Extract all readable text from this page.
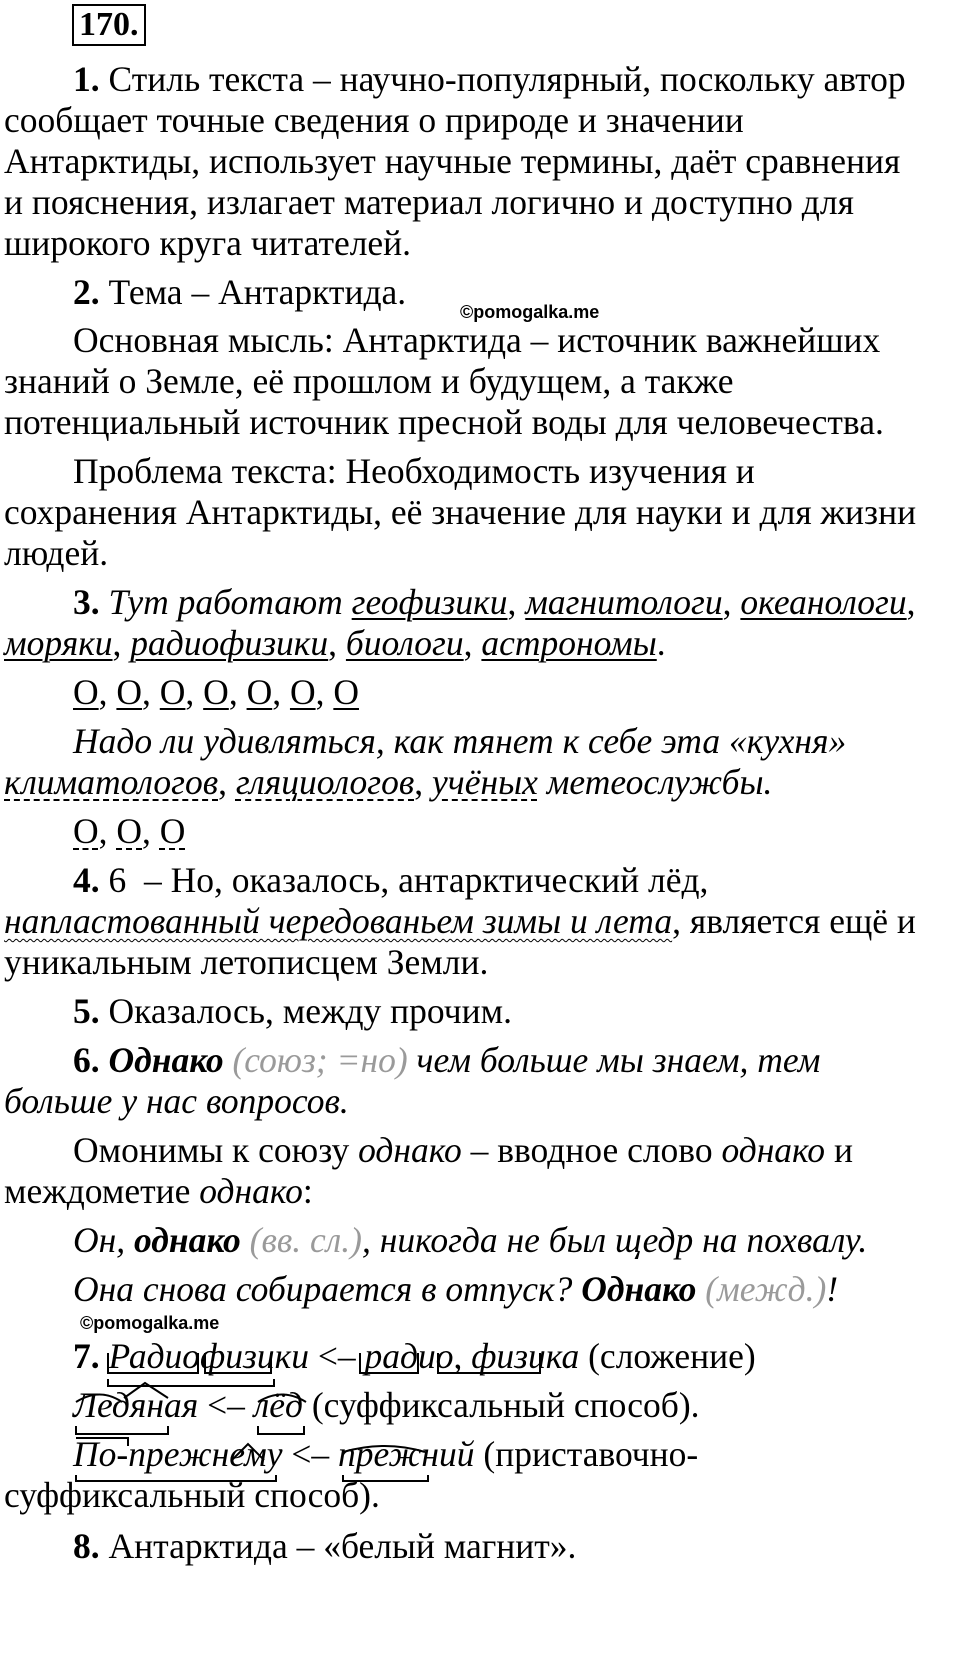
170.
1. Стиль текста – научно-популярный, поскольку автор
сообщает точные сведения о природе и значении
Антарктиды, использует научные термины, даёт сравнения
и пояснения, излагает материал логично и доступно для
широкого круга читателей.
2. Тема – Антарктида.	©pomogalka.me
Основная мысль: Антарктида – источник важнейших
знаний о Земле, её прошлом и будущем, а также
потенциальный источник пресной воды для человечества.
Проблема текста: Необходимость изучения и
сохранения Антарктиды, её значение для науки и для жизни
людей.
3. Тут работают геофизики, магнитологи, океанологи,
моряки, радиофизики, биологи, астрономы.
О, О, О, О, О, О, О
Надо ли удивляться, как тянет к себе эта «кухня»
климатологов, гляциологов, учёных метеослужбы.
О, О, О
4. 6 – Но, оказалось, антарктический лёд,
напластованный чередованьем зимы и лета, является ещё и
уникальным летописцем Земли.
5. Оказалось, между прочим.
6. Однако (союз; =но) чем больше мы знаем, тем
больше у нас вопросов.
Омонимы к союзу однако – вводное слово однако и
междометие однако:
Он, однако (вв. сл.), никогда не был щедр на похвалу.
Она снова собирается в отпуск? Однако (межд.)!
©pomogalka.me
7. Радиофизики <– радио, физика (сложение)
Ледяная <– лёд (суффиксальный способ).
По-прежнему <– прежний (приставочно-
суффиксальный способ).
8. Антарктида – «белый магнит».
